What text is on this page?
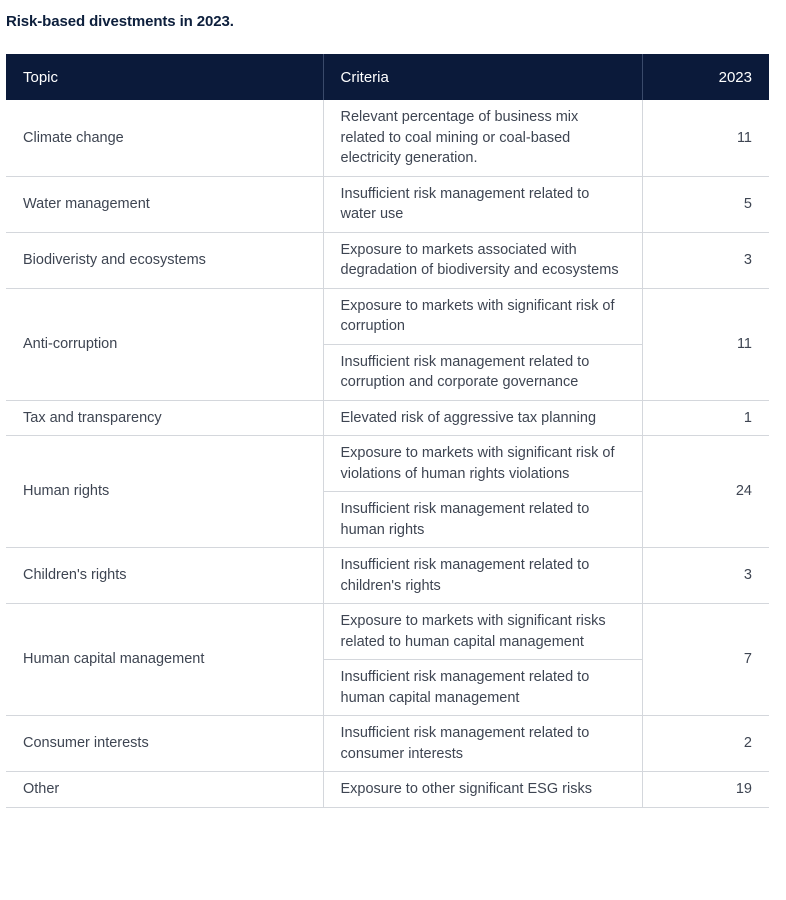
Risk-based divestments in 2023.
Topic	Criteria	2023
Climate change	Relevant percentage of business mix related to coal mining or coal-based electricity generation.	11
Water management	Insufficient risk management related to water use	5
Biodiveristy and ecosystems	Exposure to markets associated with degradation of biodiversity and ecosystems	3
Anti-corruption	Exposure to markets with significant risk of corruption	11
	Insufficient risk management related to corruption and corporate governance	
Tax and transparency	Elevated risk of aggressive tax planning	1
Human rights	Exposure to markets with significant risk of violations of human rights violations	24
	Insufficient risk management related to human rights	
Children's rights	Insufficient risk management related to children's rights	3
Human capital management	Exposure to markets with significant risks related to human capital management	7
	Insufficient risk management related to human capital management	
Consumer interests	Insufficient risk management related to consumer interests	2
Other	Exposure to other significant ESG risks	19
